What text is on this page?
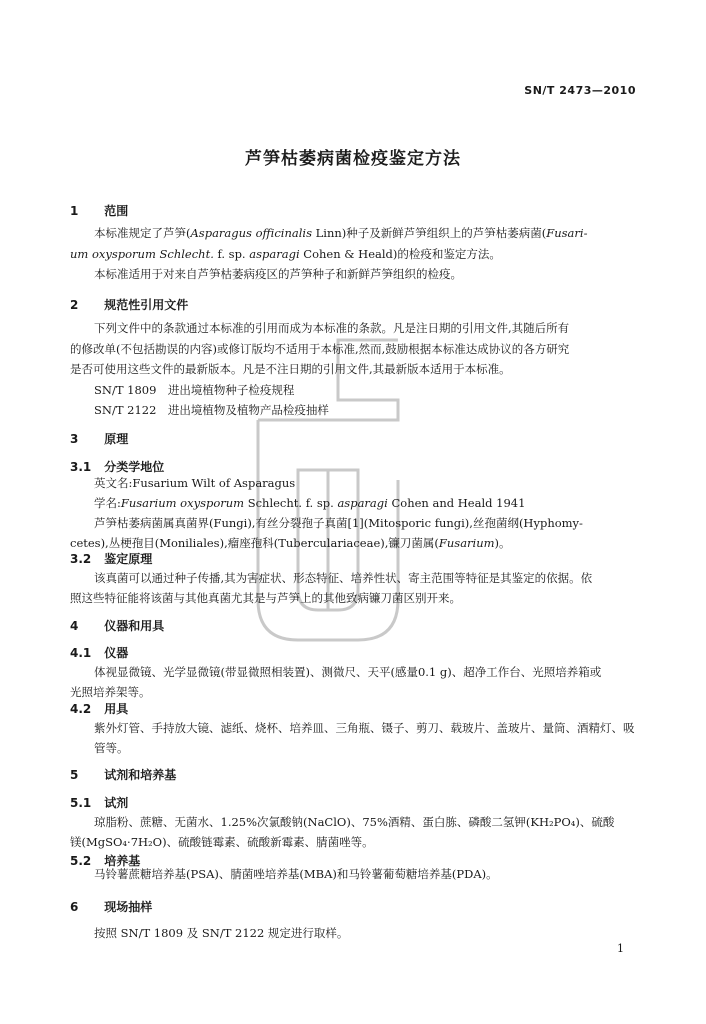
SN/T 2473—2010
芦笋枯萎病菌检疫鉴定方法
1 范围
本标准规定了芦笋(Asparagus officinalis Linn)种子及新鲜芦笋组织上的芦笋枯萎病菌(Fusari-
um oxysporum Schlecht. f. sp. asparagi Cohen & Heald)的检疫和鉴定方法。
本标准适用于对来自芦笋枯萎病疫区的芦笋种子和新鲜芦笋组织的检疫。
2 规范性引用文件
下列文件中的条款通过本标准的引用而成为本标准的条款。凡是注日期的引用文件,其随后所有
的修改单(不包括勘误的内容)或修订版均不适用于本标准,然而,鼓励根据本标准达成协议的各方研究
是否可使用这些文件的最新版本。凡是不注日期的引用文件,其最新版本适用于本标准。
SN/T 1809　进出境植物种子检疫规程
SN/T 2122　进出境植物及植物产品检疫抽样
3 原理
3.1 分类学地位
英文名:Fusarium Wilt of Asparagus
学名:Fusarium oxysporum Schlecht. f. sp. asparagi Cohen and Heald 1941
芦笋枯萎病菌属真菌界(Fungi),有丝分裂孢子真菌[1](Mitosporic fungi),丝孢菌纲(Hyphomy-
cetes),丛梗孢目(Moniliales),瘤座孢科(Tuberculariaceae),镰刀菌属(Fusarium)。
3.2 鉴定原理
该真菌可以通过种子传播,其为害症状、形态特征、培养性状、寄主范围等特征是其鉴定的依据。依
照这些特征能将该菌与其他真菌尤其是与芦笋上的其他致病镰刀菌区别开来。
4 仪器和用具
4.1 仪器
体视显微镜、光学显微镜(带显微照相装置)、测微尺、天平(感量0.1 g)、超净工作台、光照培养箱或
光照培养架等。
4.2 用具
紫外灯管、手持放大镜、滤纸、烧杯、培养皿、三角瓶、镊子、剪刀、载玻片、盖玻片、量筒、酒精灯、吸
管等。
5 试剂和培养基
5.1 试剂
琼脂粉、蔗糖、无菌水、1.25%次氯酸钠(NaClO)、75%酒精、蛋白胨、磷酸二氢钾(KH₂PO₄)、硫酸
镁(MgSO₄·7H₂O)、硫酸链霉素、硫酸新霉素、腈菌唑等。
5.2 培养基
马铃薯蔗糖培养基(PSA)、腈菌唑培养基(MBA)和马铃薯葡萄糖培养基(PDA)。
6 现场抽样
按照 SN/T 1809 及 SN/T 2122 规定进行取样。
1
